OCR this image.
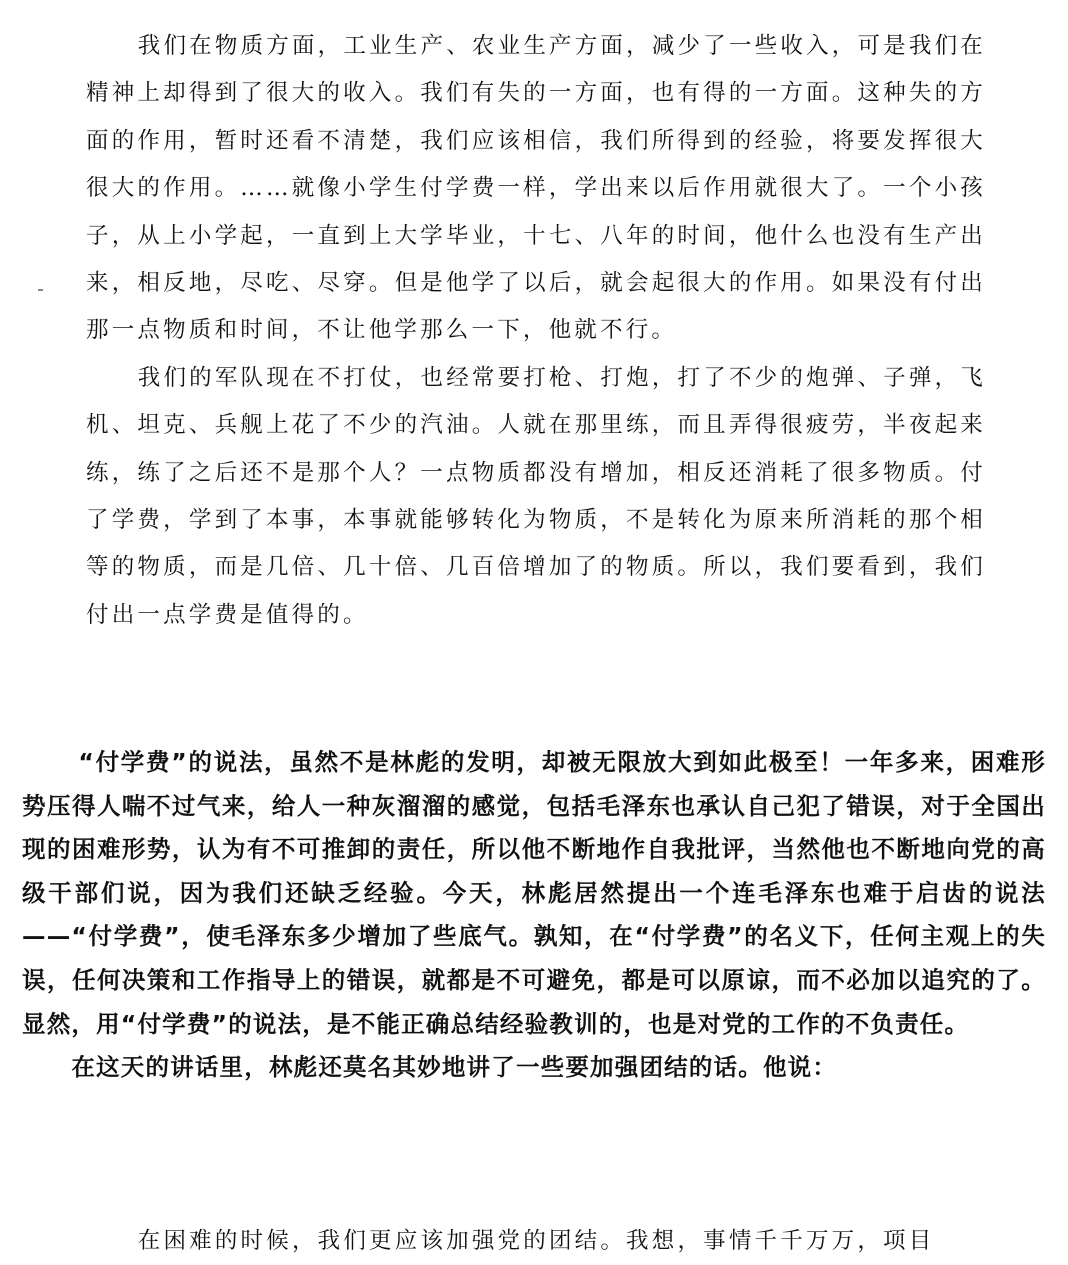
我们在物质方面，工业生产、农业生产方面，减少了一些收入，可是我们在精神上却得到了很大的收入。我们有失的一方面，也有得的一方面。这种失的方面的作用，暂时还看不清楚，我们应该相信，我们所得到的经验，将要发挥很大很大的作用。……就像小学生付学费一样，学出来以后作用就很大了。一个小孩子，从上小学起，一直到上大学毕业，十七、八年的时间，他什么也没有生产出来，相反地，尽吃、尽穿。但是他学了以后，就会起很大的作用。如果没有付出那一点物质和时间，不让他学那么一下，他就不行。

我们的军队现在不打仗，也经常要打枪、打炮，打了不少的炮弹、子弹，飞机、坦克、兵舰上花了不少的汽油。人就在那里练，而且弄得很疲劳，半夜起来练，练了之后还不是那个人？一点物质都没有增加，相反还消耗了很多物质。付了学费，学到了本事，本事就能够转化为物质，不是转化为原来所消耗的那个相等的物质，而是几倍、几十倍、几百倍增加了的物质。所以，我们要看到，我们付出一点学费是值得的。

“付学费”的说法，虽然不是林彪的发明，却被无限放大到如此极至！一年多来，困难形势压得人喘不过气来，给人一种灰溜溜的感觉，包括毛泽东也承认自己犯了错误，对于全国出现的困难形势，认为有不可推卸的责任，所以他不断地作自我批评，当然他也不断地向党的高级干部们说，因为我们还缺乏经验。今天，林彪居然提出一个连毛泽东也难于启齿的说法——“付学费”，使毛泽东多少增加了些底气。孰知，在“付学费”的名义下，任何主观上的失误，任何决策和工作指导上的错误，就都是不可避免，都是可以原谅，而不必加以追究的了。显然，用“付学费”的说法，是不能正确总结经验教训的，也是对党的工作的不负责任。

在这天的讲话里，林彪还莫名其妙地讲了一些要加强团结的话。他说：

在困难的时候，我们更应该加强党的团结。我想，事情千千万万，项目
